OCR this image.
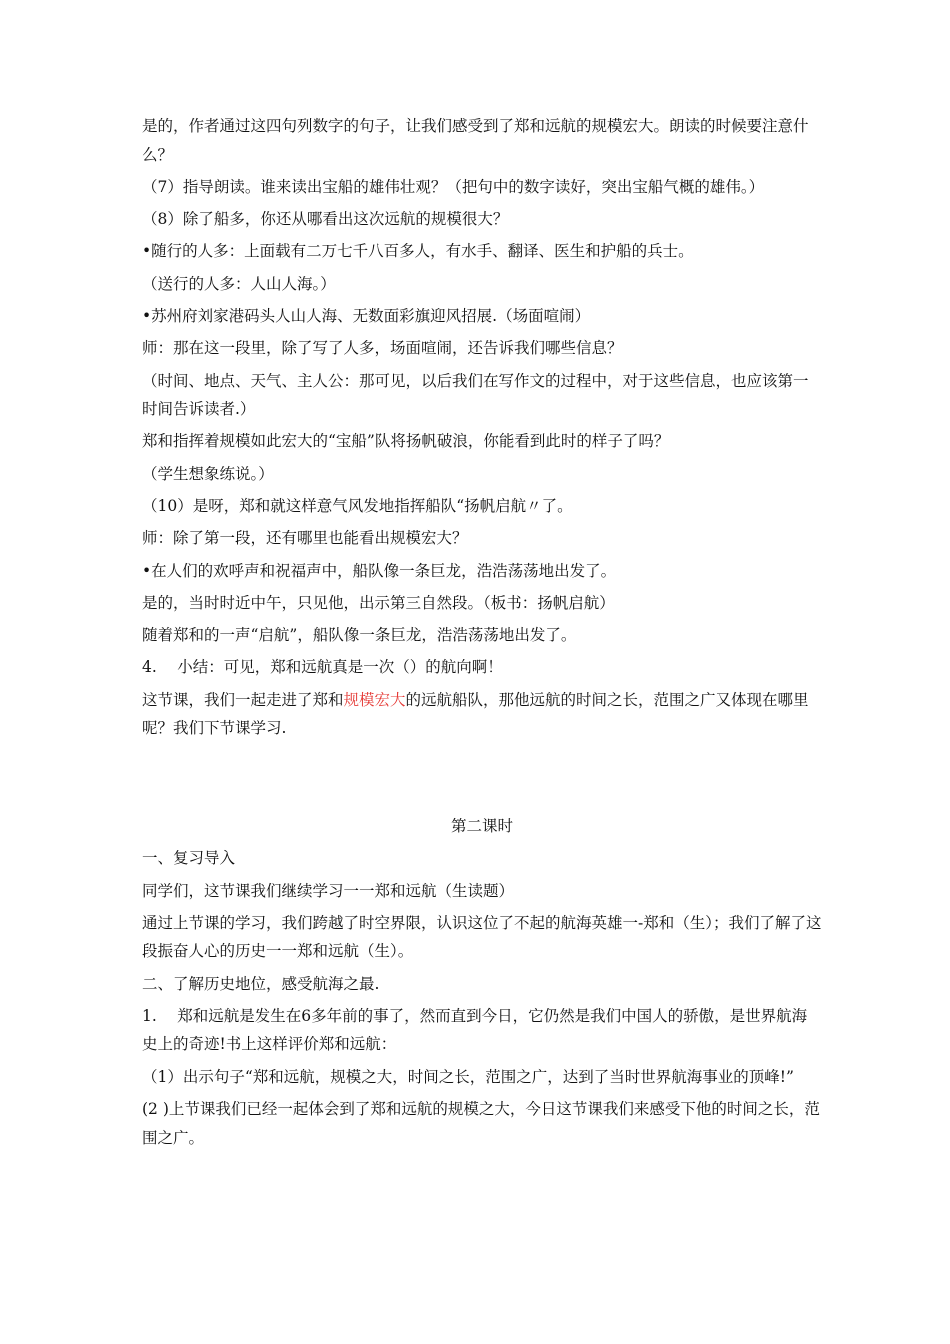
是的，作者通过这四句列数字的句子，让我们感受到了郑和远航的规模宏大。朗读的时候要注意什么？

（7）指导朗读。谁来读出宝船的雄伟壮观？（把句中的数字读好，突出宝船气概的雄伟。）

（8）除了船多，你还从哪看出这次远航的规模很大？

•随行的人多：上面载有二万七千八百多人，有水手、翻译、医生和护船的兵士。

（送行的人多：人山人海。）

•苏州府刘家港码头人山人海、无数面彩旗迎风招展.（场面喧闹）

师：那在这一段里，除了写了人多，场面喧闹，还告诉我们哪些信息？

（时间、地点、天气、主人公：那可见，以后我们在写作文的过程中，对于这些信息，也应该第一时间告诉读者.）

郑和指挥着规模如此宏大的“宝船”队将扬帆破浪，你能看到此时的样子了吗？

（学生想象练说。）

（10）是呀，郑和就这样意气风发地指挥船队“扬帆启航〃了。

师：除了第一段，还有哪里也能看出规模宏大？

•在人们的欢呼声和祝福声中，船队像一条巨龙，浩浩荡荡地出发了。

是的，当时时近中午，只见他，出示第三自然段。（板书：扬帆启航）

随着郑和的一声“启航”，船队像一条巨龙，浩浩荡荡地出发了。

4.　 小结：可见，郑和远航真是一次（）的航向啊！

这节课，我们一起走进了郑和规模宏大的远航船队，那他远航的时间之长，范围之广又体现在哪里呢？我们下节课学习.

第二课时

一、复习导入

同学们，这节课我们继续学习一一郑和远航（生读题）

通过上节课的学习，我们跨越了时空界限，认识这位了不起的航海英雄一-郑和（生）；我们了解了这段振奋人心的历史一一郑和远航（生）。

二、了解历史地位，感受航海之最.

1.　 郑和远航是发生在6多年前的事了，然而直到今日，它仍然是我们中国人的骄傲，是世界航海史上的奇迹!书上这样评价郑和远航：

（1）出示句子“郑和远航，规模之大，时间之长，范围之广，达到了当时世界航海事业的顶峰!”

(2 )上节课我们已经一起体会到了郑和远航的规模之大，今日这节课我们来感受下他的时间之长，范围之广。
